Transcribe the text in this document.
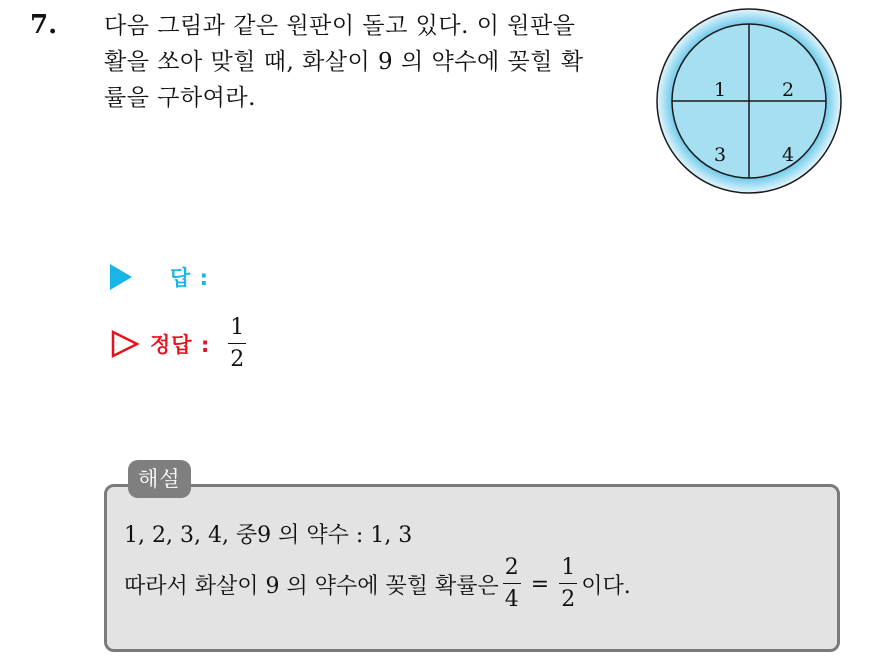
7. 다음 그림과 같은 원판이 돌고 있다. 이 원판을
활을 쏘아 맞힐 때, 화살이 9 의 약수에 꽂힐 확
률을 구하여라.	1	2
3	4
답 :
정답 : $\frac{1}{2}$
해설
1, 2, 3, 4, 중9 의 약수 : 1, 3
따라서 화살이 9 의 약수에 꽂힐 확률은 $\frac{2}{4} = \frac{1}{2}$ 이다.
